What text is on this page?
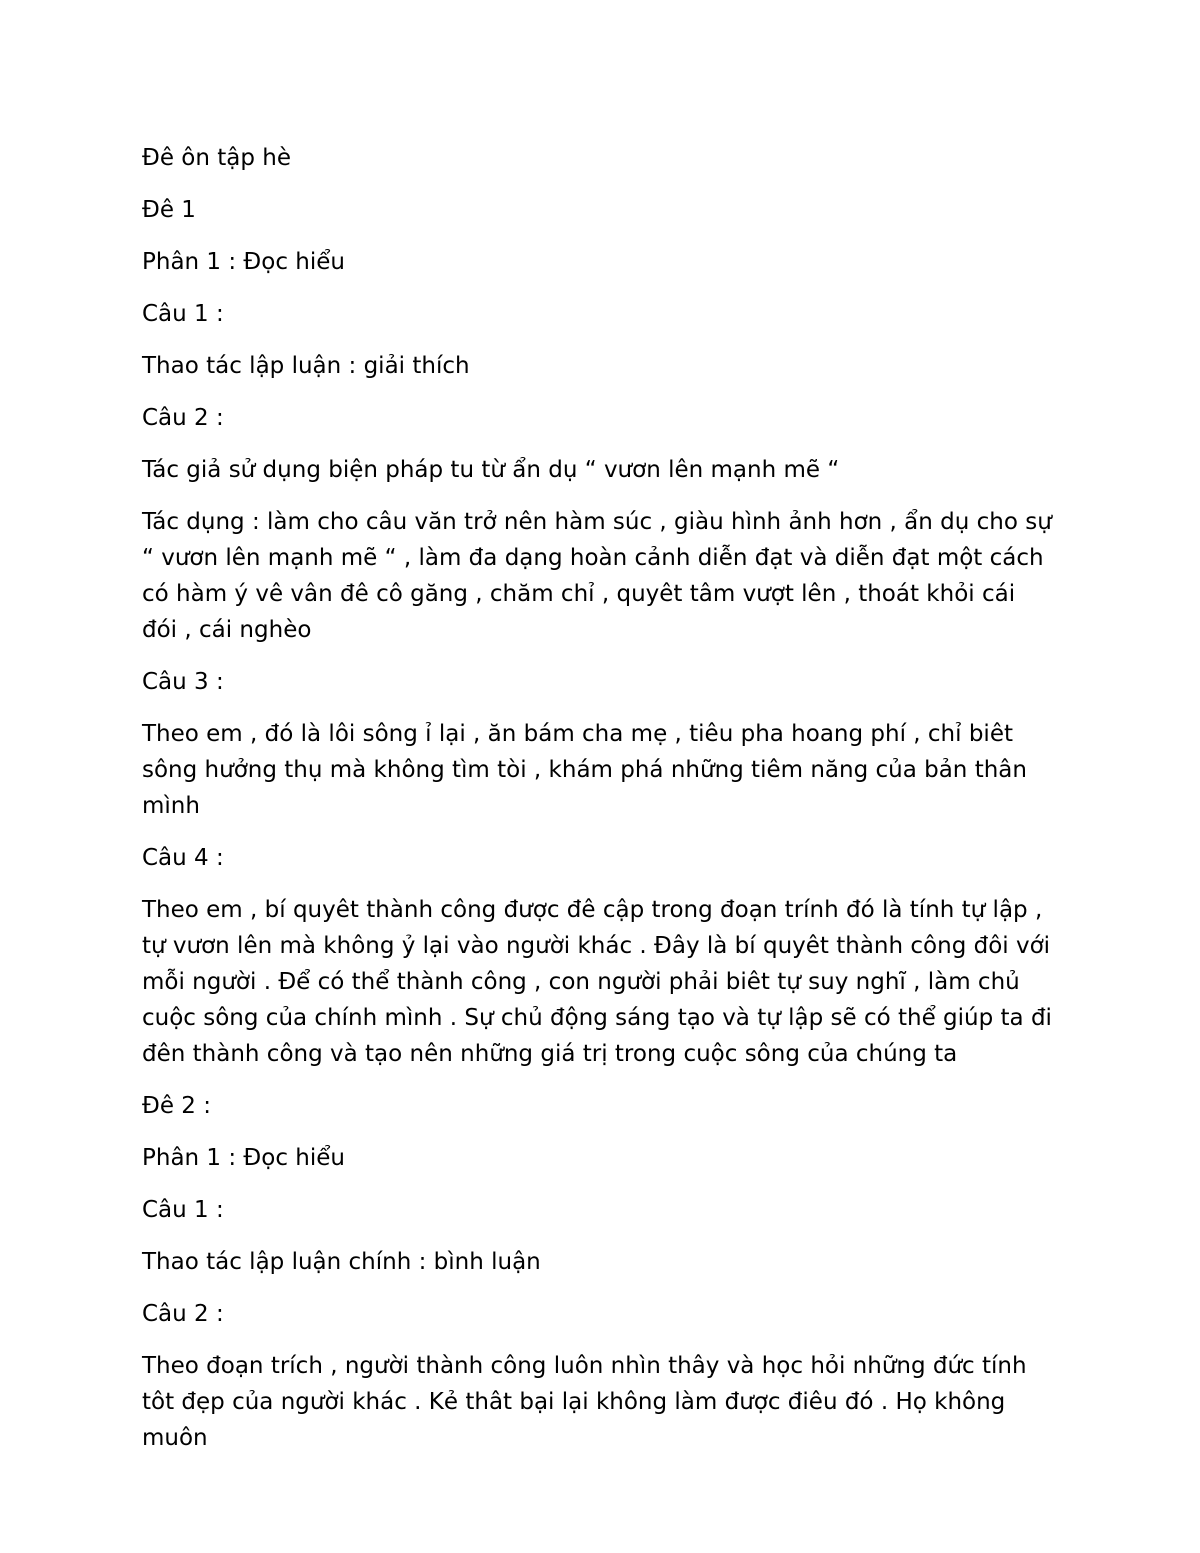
Đê ôn tập hè

Đê 1

Phân 1 : Đọc hiểu

Câu 1 :

Thao tác lập luận : giải thích

Câu 2 :

Tác giả sử dụng biện pháp tu từ ẩn dụ “ vươn lên mạnh mẽ “

Tác dụng : làm cho câu văn trở nên hàm súc , giàu hình ảnh hơn , ẩn dụ cho sự “ vươn lên mạnh mẽ “ , làm đa dạng hoàn cảnh diễn đạt và diễn đạt một cách có hàm ý vê vân đê cô găng , chăm chỉ , quyêt tâm vượt lên , thoát khỏi cái đói , cái nghèo

Câu 3 :

Theo em , đó là lôi sông ỉ lại , ăn bám cha mẹ , tiêu pha hoang phí , chỉ biêt sông hưởng thụ mà không tìm tòi , khám phá những tiêm năng của bản thân mình

Câu 4 :

Theo em , bí quyêt thành công được đê cập trong đoạn trính đó là tính tự lập , tự vươn lên mà không ỷ lại vào người khác . Đây là bí quyêt thành công đôi với mỗi người . Để có thể thành công , con người phải biêt tự suy nghĩ , làm chủ cuộc sông của chính mình . Sự chủ động sáng tạo và tự lập sẽ có thể giúp ta đi đên thành công và tạo nên những giá trị trong cuộc sông của chúng ta

Đê 2 :

Phân 1 : Đọc hiểu

Câu 1 :

Thao tác lập luận chính : bình luận

Câu 2 :

Theo đoạn trích , người thành công luôn nhìn thây và học hỏi những đức tính tôt đẹp của người khác . Kẻ thât bại lại không làm được điêu đó . Họ không muôn
